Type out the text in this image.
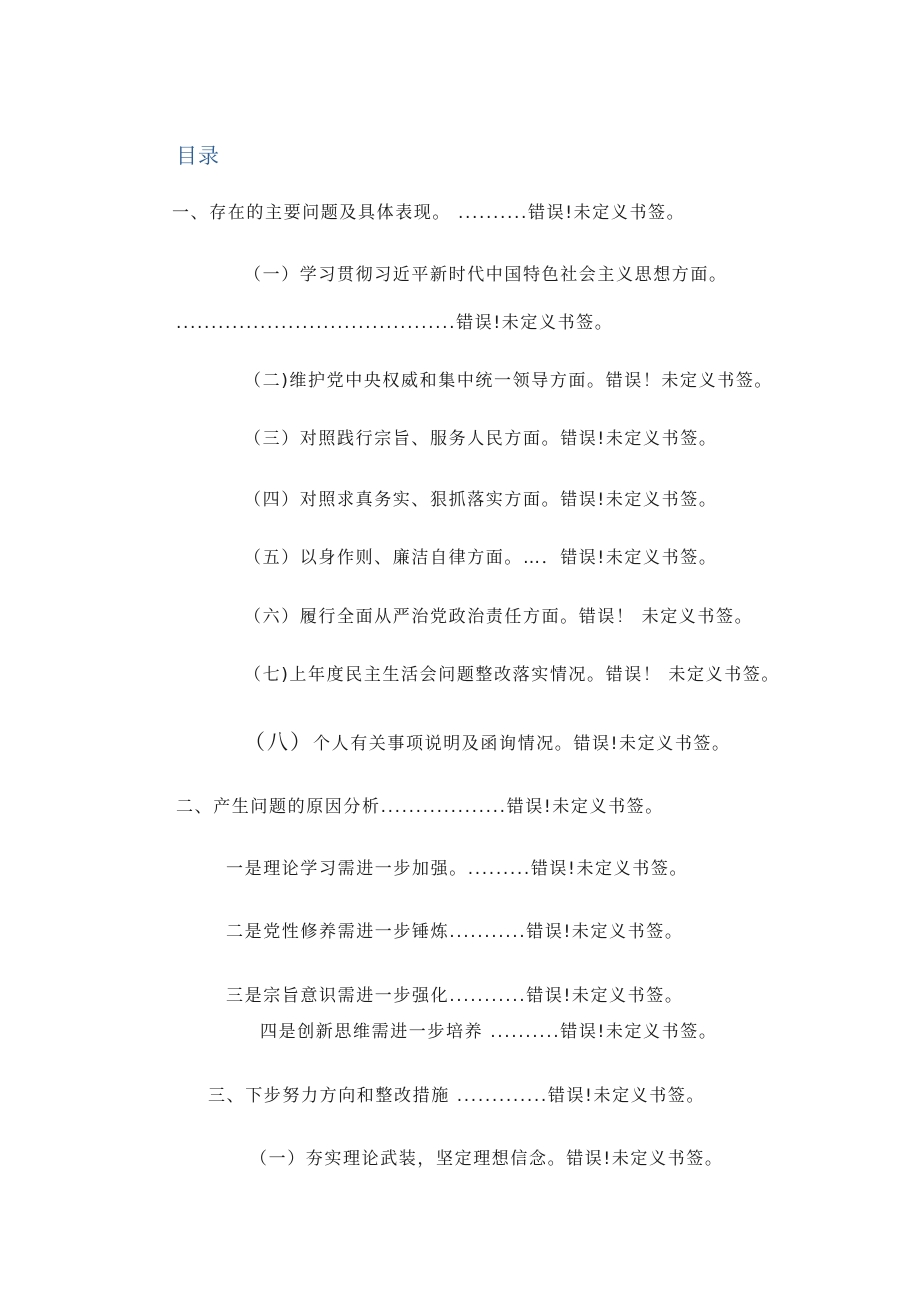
目录
一、存在的主要问题及具体表现。 ..........错误!未定义书签。
（一）学习贯彻习近平新时代中国特色社会主义思想方面。
........................................错误!未定义书签。
（二)维护党中央权威和集中统一领导方面。错误！未定义书签。
（三）对照践行宗旨、服务人民方面。错误!未定义书签。
（四）对照求真务实、狠抓落实方面。错误!未定义书签。
（五）以身作则、廉洁自律方面。…．错误!未定义书签。
（六）履行全面从严治党政治责任方面。错误！ 未定义书签。
（七)上年度民主生活会问题整改落实情况。错误！ 未定义书签。
（八）个人有关事项说明及函询情况。错误!未定义书签。
二、产生问题的原因分析..................错误!未定义书签。
一是理论学习需进一步加强。.........错误!未定义书签。
二是党性修养需进一步锤炼...........错误!未定义书签。
三是宗旨意识需进一步强化...........错误!未定义书签。
四是创新思维需进一步培养 ..........错误!未定义书签。
三、下步努力方向和整改措施 .............错误!未定义书签。
（一）夯实理论武装，坚定理想信念。错误!未定义书签。
